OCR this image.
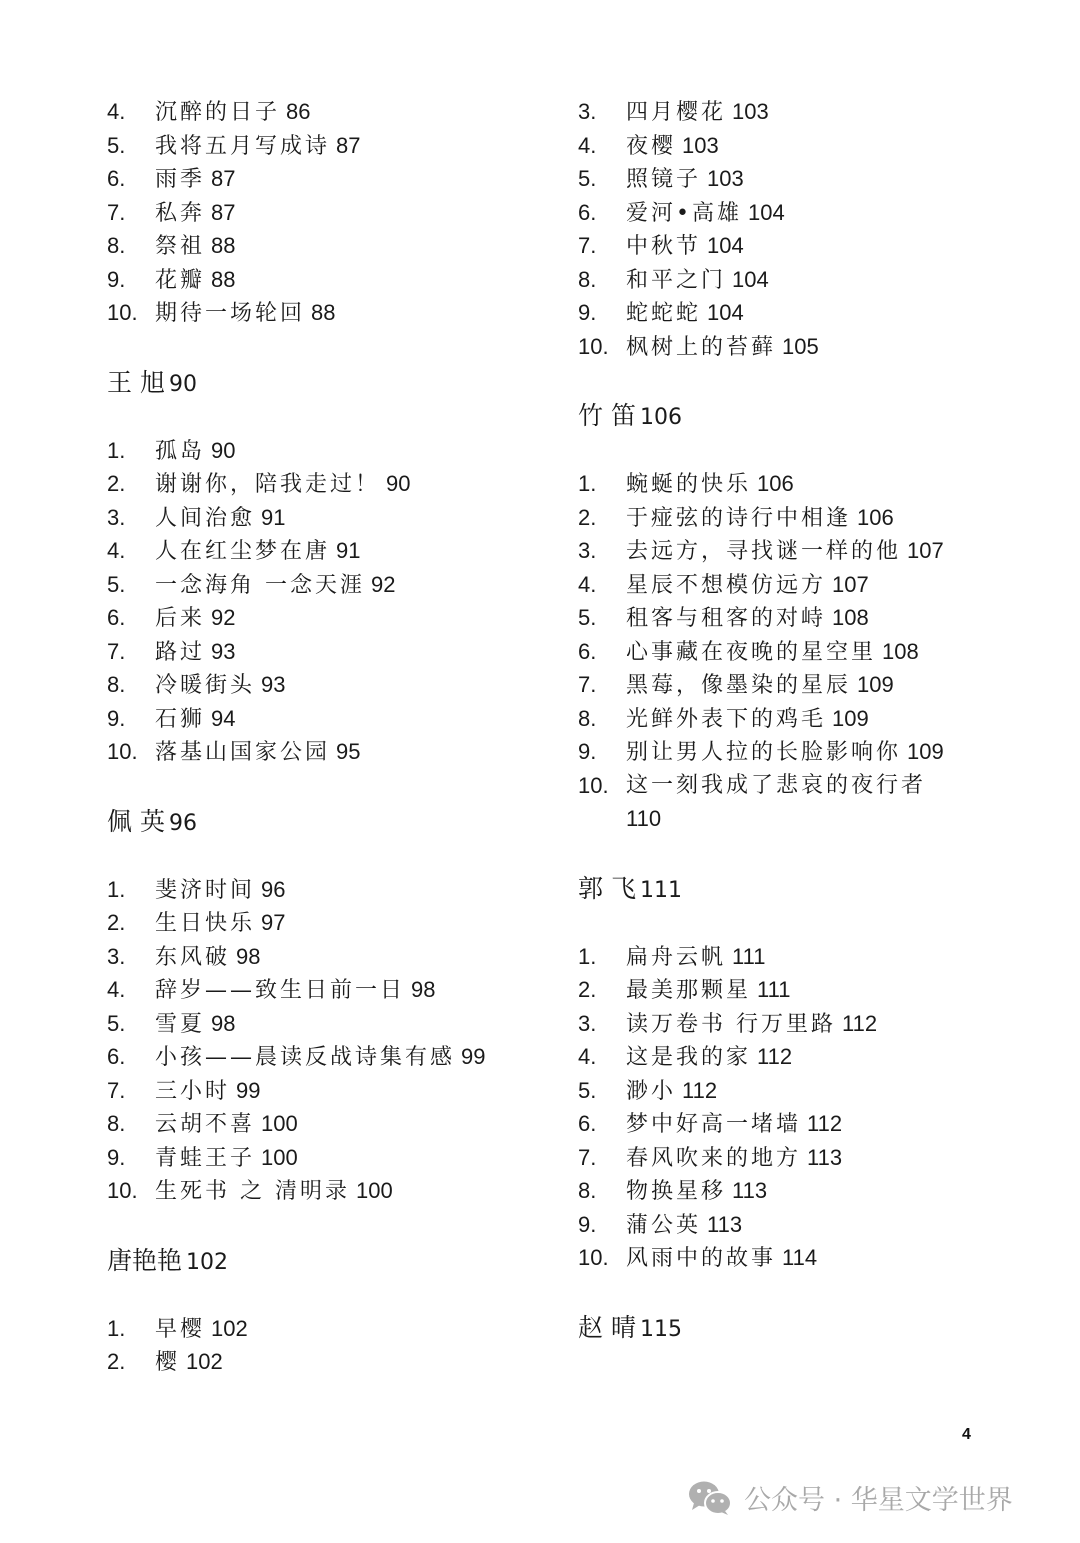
4.	沉醉的日子 86
5.	我将五月写成诗 87
6.	雨季 87
7.	私奔 87
8.	祭祖 88
9.	花瓣 88
10. 期待一场轮回 88
王 旭 90
1.	孤岛 90
2.	谢谢你，陪我走过！ 90
3.	人间治愈 91
4.	人在红尘梦在唐 91
5.	一念海角 一念天涯 92
6.	后来 92
7.	路过 93
8.	冷暖街头 93
9.	石狮 94
10. 落基山国家公园 95
佩 英 96
1.	斐济时间 96
2.	生日快乐 97
3.	东风破 98
4.	辞岁——致生日前一日 98
5.	雪夏 98
6.	小孩——晨读反战诗集有感 99
7.	三小时 99
8.	云胡不喜 100
9.	青蛙王子 100
10. 生死书 之 清明录 100
唐艳艳 102
1.	早樱 102
2.	樱 102
3.	四月樱花 103
4.	夜樱 103
5.	照镜子 103
6.	爱河•高雄 104
7.	中秋节 104
8.	和平之门 104
9.	蛇蛇蛇 104
10. 枫树上的苔藓 105
竹 笛 106
1.	蜿蜒的快乐 106
2.	于痖弦的诗行中相逢 106
3.	去远方，寻找谜一样的他 107
4.	星辰不想模仿远方 107
5.	租客与租客的对峙 108
6.	心事藏在夜晚的星空里 108
7.	黑莓，像墨染的星辰 109
8.	光鲜外表下的鸡毛 109
9.	别让男人拉的长脸影响你 109
10. 这一刻我成了悲哀的夜行者
110
郭 飞 111
1.	扁舟云帆 111
2.	最美那颗星 111
3.	读万卷书 行万里路 112
4.	这是我的家 112
5.	渺小 112
6.	梦中好高一堵墙 112
7.	春风吹来的地方 113
8.	物换星移 113
9.	蒲公英 113
10. 风雨中的故事 114
赵 晴 115
4
公众号 · 华星文学世界
